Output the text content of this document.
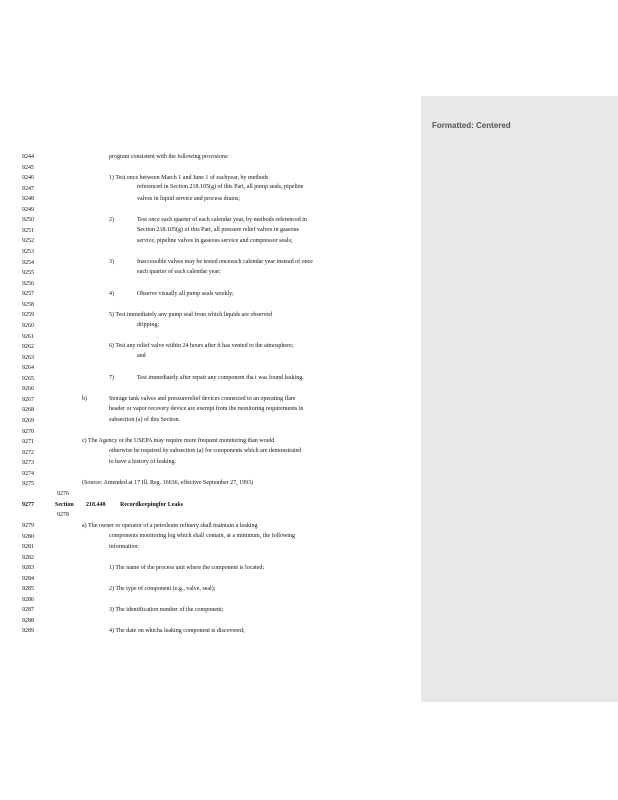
Formatted: Centered
9244
9245
9246
9247
9248
9249
9250
9251
9252
9253
9254
9255
9256
9257
9258
9259
9260
9261
9262
9263
9264
9265
9266
9267
9268
9269
9270
9271
9272
9273
9274
9275
9276
9277
9278
9279
9280
9281
9282
9283
9284
9285
9286
9287
9288
9289
program consistent with the following provisions:
1) Test once between March 1 and June 1 of eachyear, by methods
referenced in Section 218.105(g) of this Part, all pump seals, pipeline
valves in liquid service and process drains;
2)	Test once each quarter of each calendar year, by methods referenced in
Section 218.105(g) of this Part, all pressure relief valves in gaseous
service, pipeline valves in gaseous service and compressor seals;
3)	Inaccessible valves may be tested onceeach calendar year instead of once
each quarter of each calendar year;
4)	Observe visually all pump seals weekly;
5) Test immediately any pump seal from which liquids are observed
dripping;
6) Test any relief valve within 24 hours after it has vented to the atmosphere;
and
7)	Test immediately after repair any component tha t was found leaking.
b)	Storage tank valves and pressurerelief devices connected to an operating flare
header or vapor recovery device are exempt from the monitoring requirements in
subsection (a) of this Section.
c) The Agency or the USEPA may require more frequent monitoring than would
otherwise be required by subsection (a) for components which are demonstrated
to have a history of leaking.
(Source: Amended at 17 Ill. Reg. 16636, effective September 27, 1993)
Section 218.448 Recordkeepingfor Leaks
a) The owner or operator of a petroleum refinery shall maintain a leaking
components monitoring log which shall contain, at a minimum, the following
information:
1) The name of the process unit where the component is located;
2) The type of component (e.g., valve, seal);
3) The identification number of the component;
4) The date on whicha leaking component is discovered;
